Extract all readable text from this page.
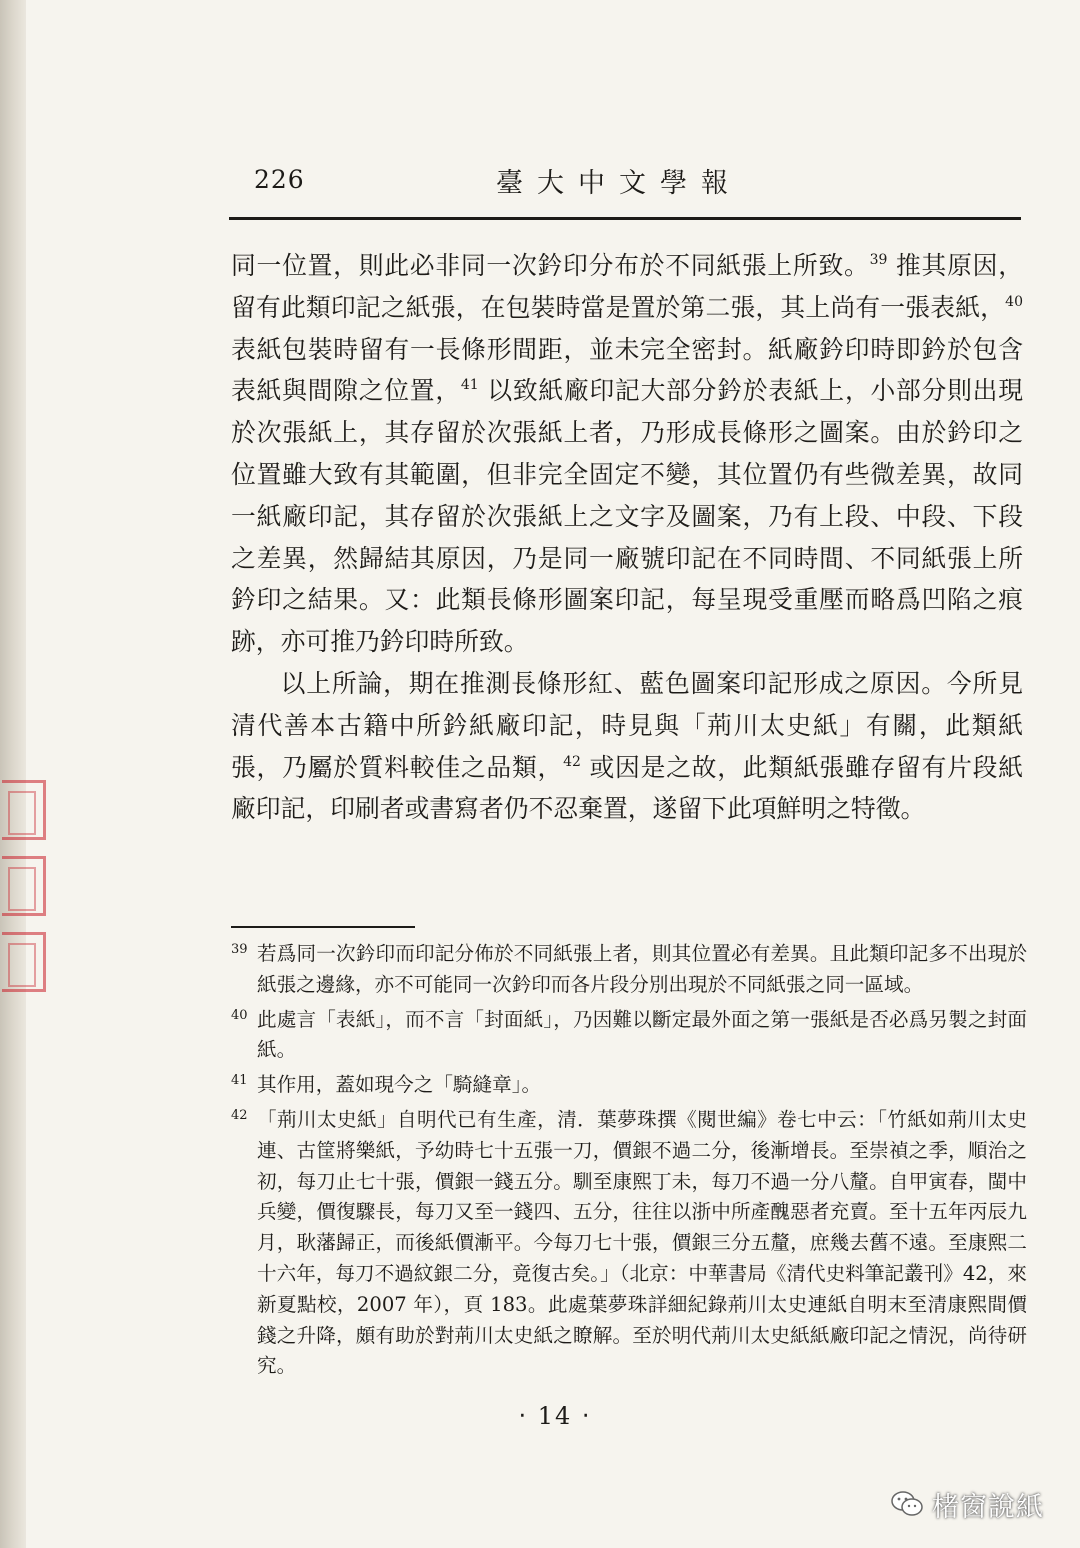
226	臺大中文學報

同一位置，則此必非同一次鈐印分布於不同紙張上所致。$^{39}$ 推其原因，留有此類印記之紙張，在包裝時當是置於第二張，其上尚有一張表紙，$^{40}$ 表紙包裝時留有一長條形間距，並未完全密封。紙廠鈐印時即鈐於包含表紙與間隙之位置，$^{41}$ 以致紙廠印記大部分鈐於表紙上，小部分則出現於次張紙上，其存留於次張紙上者，乃形成長條形之圖案。由於鈐印之位置雖大致有其範圍，但非完全固定不變，其位置仍有些微差異，故同一紙廠印記，其存留於次張紙上之文字及圖案，乃有上段、中段、下段之差異，然歸結其原因，乃是同一廠號印記在不同時間、不同紙張上所鈐印之結果。又：此類長條形圖案印記，每呈現受重壓而略爲凹陷之痕跡，亦可推乃鈐印時所致。

以上所論，期在推測長條形紅、藍色圖案印記形成之原因。今所見清代善本古籍中所鈐紙廠印記，時見與「荊川太史紙」有關，此類紙張，乃屬於質料較佳之品類，$^{42}$ 或因是之故，此類紙張雖存留有片段紙廠印記，印刷者或書寫者仍不忍棄置，遂留下此項鮮明之特徵。

39 若爲同一次鈐印而印記分佈於不同紙張上者，則其位置必有差異。且此類印記多不出現於紙張之邊緣，亦不可能同一次鈐印而各片段分別出現於不同紙張之同一區域。

40 此處言「表紙」，而不言「封面紙」，乃因難以斷定最外面之第一張紙是否必爲另製之封面紙。

41 其作用，蓋如現今之「騎縫章」。

42 「荊川太史紙」自明代已有生產，清．葉夢珠撰《閱世編》卷七中云：「竹紙如荊川太史連、古筐將樂紙，予幼時七十五張一刀，價銀不過二分，後漸增長。至崇禎之季，順治之初，每刀止七十張，價銀一錢五分。馴至康熙丁未，每刀不過一分八釐。自甲寅春，閩中兵變，價復驟長，每刀又至一錢四、五分，往往以浙中所產醜惡者充賣。至十五年丙辰九月，耿藩歸正，而後紙價漸平。今每刀七十張，價銀三分五釐，庶幾去舊不遠。至康熙二十六年，每刀不過紋銀二分，竟復古矣。」（北京：中華書局《清代史料筆記叢刊》42，來新夏點校，2007 年），頁 183。此處葉夢珠詳細紀錄荊川太史連紙自明末至清康熙間價錢之升降，頗有助於對荊川太史紙之瞭解。至於明代荊川太史紙紙廠印記之情況，尚待研究。

‧ 14 ‧
楮窗說紙
